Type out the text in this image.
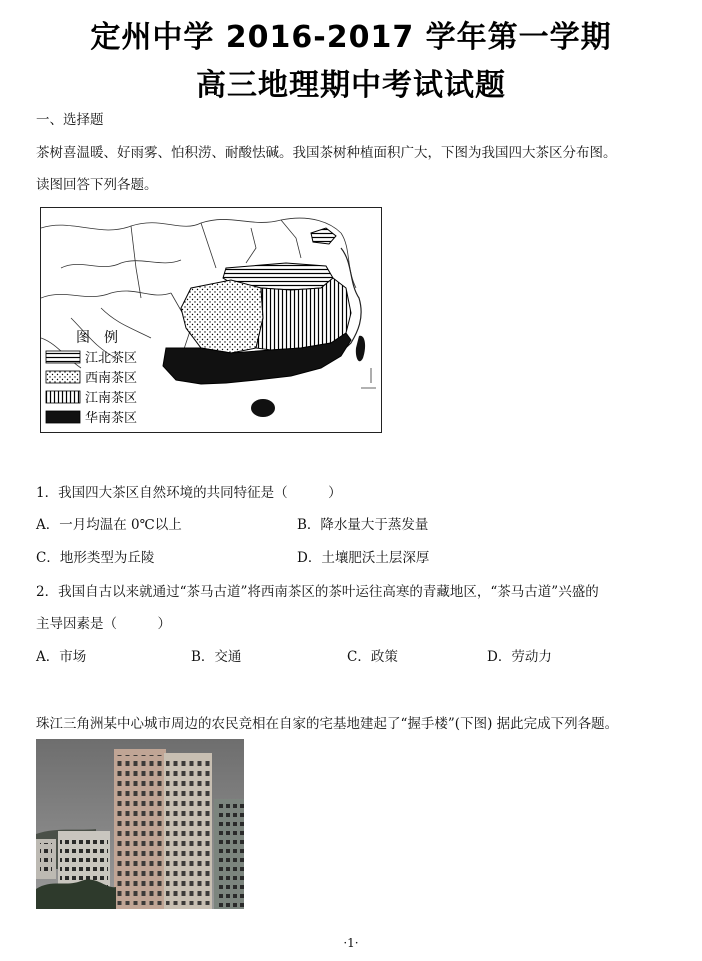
定州中学 2016-2017 学年第一学期
高三地理期中考试试题
一、选择题
茶树喜温暖、好雨雾、怕积涝、耐酸怯碱。我国茶树种植面积广大，下图为我国四大茶区分布图。
读图回答下列各题。
图　例
江北茶区
西南茶区
江南茶区
华南茶区
1．我国四大茶区自然环境的共同特征是（　　　）
A．一月均温在 0℃以上	B．降水量大于蒸发量
C．地形类型为丘陵	D．土壤肥沃土层深厚
2．我国自古以来就通过“茶马古道”将西南茶区的茶叶运往高寒的青藏地区，“茶马古道”兴盛的
主导因素是（　　　）
A．市场	B．交通	C．政策	D．劳动力
珠江三角洲某中心城市周边的农民竞相在自家的宅基地建起了“握手楼”(下图) 据此完成下列各题。
·1·
